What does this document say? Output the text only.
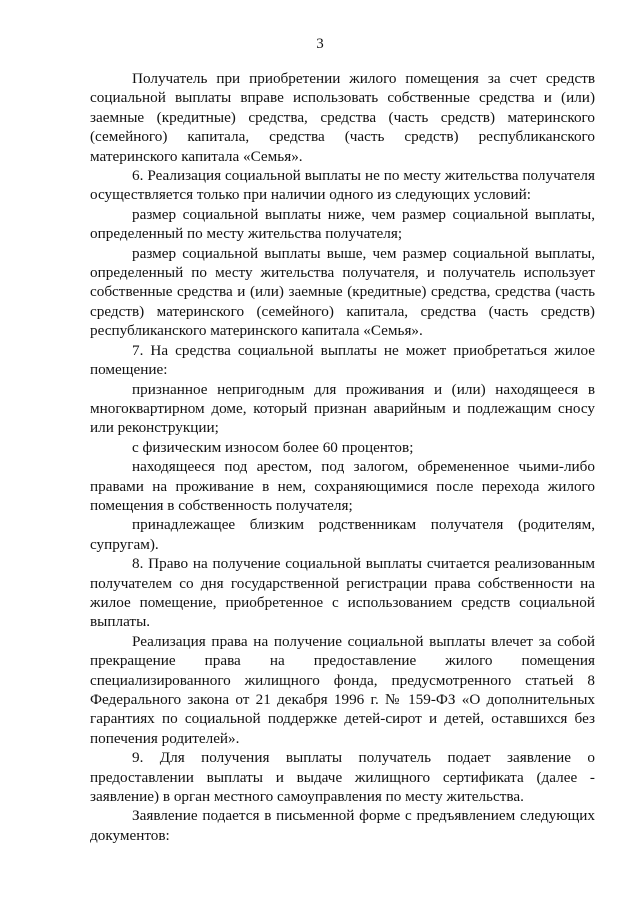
3

Получатель при приобретении жилого помещения за счет средств социальной выплаты вправе использовать собственные средства и (или) заемные (кредитные) средства, средства (часть средств) материнского (семейного) капитала, средства (часть средств) республиканского материнского капитала «Семья».

6. Реализация социальной выплаты не по месту жительства получателя осуществляется только при наличии одного из следующих условий:

размер социальной выплаты ниже, чем размер социальной выплаты, определенный по месту жительства получателя;

размер социальной выплаты выше, чем размер социальной выплаты, определенный по месту жительства получателя, и получатель использует собственные средства и (или) заемные (кредитные) средства, средства (часть средств) материнского (семейного) капитала, средства (часть средств) республиканского материнского капитала «Семья».

7. На средства социальной выплаты не может приобретаться жилое помещение:

признанное непригодным для проживания и (или) находящееся в многоквартирном доме, который признан аварийным и подлежащим сносу или реконструкции;

с физическим износом более 60 процентов;

находящееся под арестом, под залогом, обремененное чьими-либо правами на проживание в нем, сохраняющимися после перехода жилого помещения в собственность получателя;

принадлежащее близким родственникам получателя (родителям, супругам).

8. Право на получение социальной выплаты считается реализованным получателем со дня государственной регистрации права собственности на жилое помещение, приобретенное с использованием средств социальной выплаты.

Реализация права на получение социальной выплаты влечет за собой прекращение права на предоставление жилого помещения специализированного жилищного фонда, предусмотренного статьей 8 Федерального закона от 21 декабря 1996 г. № 159-ФЗ «О дополнительных гарантиях по социальной поддержке детей-сирот и детей, оставшихся без попечения родителей».

9. Для получения выплаты получатель подает заявление о предоставлении выплаты и выдаче жилищного сертификата (далее - заявление) в орган местного самоуправления по месту жительства.

Заявление подается в письменной форме с предъявлением следующих документов:
